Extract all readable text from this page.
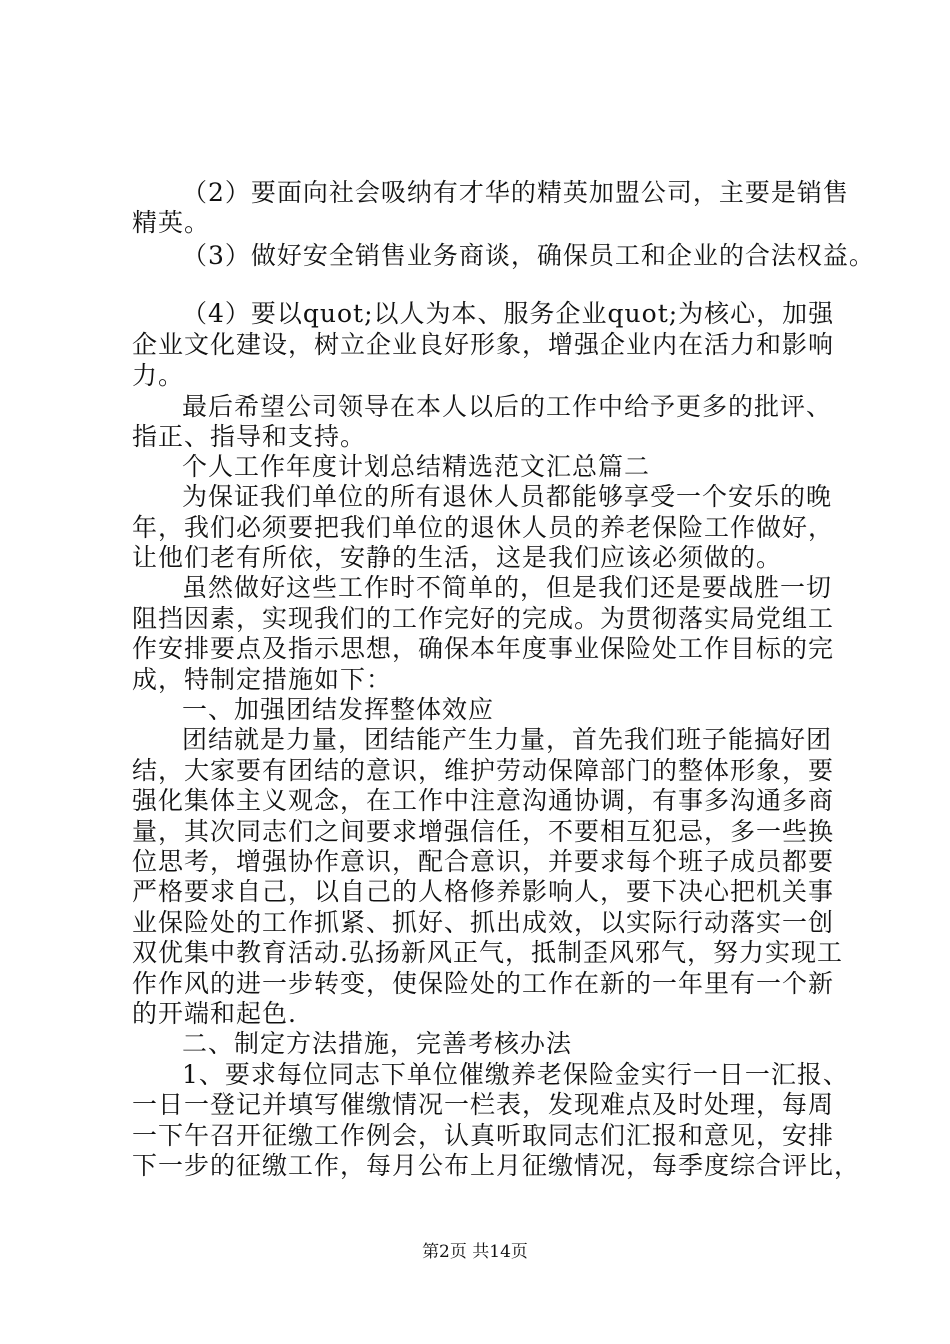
（2）要面向社会吸纳有才华的精英加盟公司，主要是销售
精英。
（3）做好安全销售业务商谈，确保员工和企业的合法权益。
（4）要以quot;以人为本、服务企业quot;为核心，加强
企业文化建设，树立企业良好形象，增强企业内在活力和影响
力。
最后希望公司领导在本人以后的工作中给予更多的批评、
指正、指导和支持。
个人工作年度计划总结精选范文汇总篇二
为保证我们单位的所有退休人员都能够享受一个安乐的晚
年，我们必须要把我们单位的退休人员的养老保险工作做好，
让他们老有所依，安静的生活，这是我们应该必须做的。
虽然做好这些工作时不简单的，但是我们还是要战胜一切
阻挡因素，实现我们的工作完好的完成。为贯彻落实局党组工
作安排要点及指示思想，确保本年度事业保险处工作目标的完
成，特制定措施如下：
一、加强团结发挥整体效应
团结就是力量，团结能产生力量，首先我们班子能搞好团
结，大家要有团结的意识，维护劳动保障部门的整体形象，要
强化集体主义观念，在工作中注意沟通协调，有事多沟通多商
量，其次同志们之间要求增强信任，不要相互犯忌，多一些换
位思考，增强协作意识，配合意识，并要求每个班子成员都要
严格要求自己，以自己的人格修养影响人，要下决心把机关事
业保险处的工作抓紧、抓好、抓出成效，以实际行动落实一创
双优集中教育活动.弘扬新风正气，抵制歪风邪气，努力实现工
作作风的进一步转变，使保险处的工作在新的一年里有一个新
的开端和起色.
二、制定方法措施，完善考核办法
1、要求每位同志下单位催缴养老保险金实行一日一汇报、
一日一登记并填写催缴情况一栏表，发现难点及时处理，每周
一下午召开征缴工作例会，认真听取同志们汇报和意见，安排
下一步的征缴工作，每月公布上月征缴情况，每季度综合评比，
第2页 共14页
